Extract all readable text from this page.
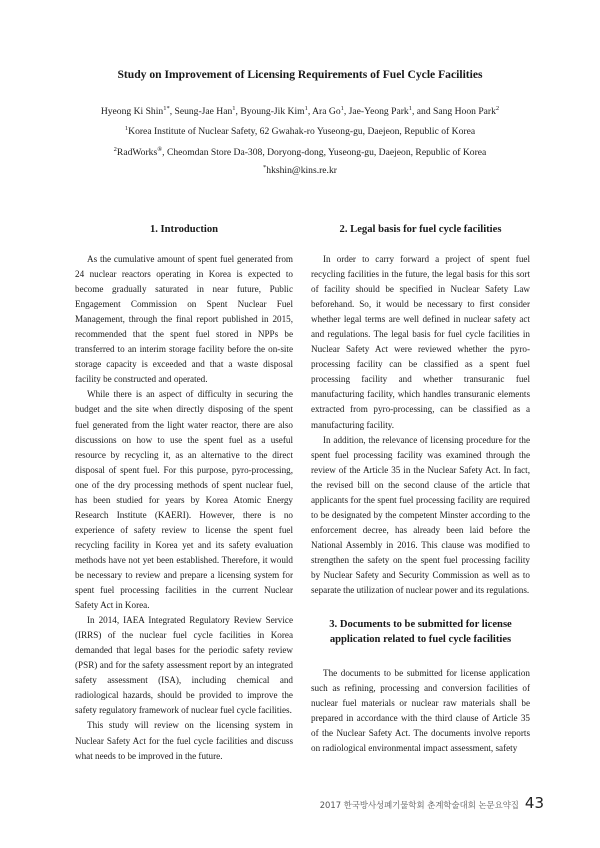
Study on Improvement of Licensing Requirements of Fuel Cycle Facilities
Hyeong Ki Shin$^{1*}$, Seung-Jae Han$^1$, Byoung-Jik Kim$^1$, Ara Go$^1$, Jae-Yeong Park$^1$, and Sang Hoon Park$^2$
$^1$Korea Institute of Nuclear Safety, 62 Gwahak-ro Yuseong-gu, Daejeon, Republic of Korea
$^2$RadWorks®, Cheomdan Store Da-308, Doryong-dong, Yuseong-gu, Daejeon, Republic of Korea
*hkshin@kins.re.kr
1. Introduction

As the cumulative amount of spent fuel generated from 24 nuclear reactors operating in Korea is expected to become gradually saturated in near future, Public Engagement Commission on Spent Nuclear Fuel Management, through the final report published in 2015, recommended that the spent fuel stored in NPPs be transferred to an interim storage facility before the on-site storage capacity is exceeded and that a waste disposal facility be constructed and operated.

While there is an aspect of difficulty in securing the budget and the site when directly disposing of the spent fuel generated from the light water reactor, there are also discussions on how to use the spent fuel as a useful resource by recycling it, as an alternative to the direct disposal of spent fuel. For this purpose, pyro-processing, one of the dry processing methods of spent nuclear fuel, has been studied for years by Korea Atomic Energy Research Institute (KAERI). However, there is no experience of safety review to license the spent fuel recycling facility in Korea yet and its safety evaluation methods have not yet been established. Therefore, it would be necessary to review and prepare a licensing system for spent fuel processing facilities in the current Nuclear Safety Act in Korea.

In 2014, IAEA Integrated Regulatory Review Service (IRRS) of the nuclear fuel cycle facilities in Korea demanded that legal bases for the periodic safety review (PSR) and for the safety assessment report by an integrated safety assessment (ISA), including chemical and radiological hazards, should be provided to improve the safety regulatory framework of nuclear fuel cycle facilities.

This study will review on the licensing system in Nuclear Safety Act for the fuel cycle facilities and discuss what needs to be improved in the future.

2. Legal basis for fuel cycle facilities

In order to carry forward a project of spent fuel recycling facilities in the future, the legal basis for this sort of facility should be specified in Nuclear Safety Law beforehand. So, it would be necessary to first consider whether legal terms are well defined in nuclear safety act and regulations. The legal basis for fuel cycle facilities in Nuclear Safety Act were reviewed whether the pyro-processing facility can be classified as a spent fuel processing facility and whether transuranic fuel manufacturing facility, which handles transuranic elements extracted from pyro-processing, can be classified as a manufacturing facility.

In addition, the relevance of licensing procedure for the spent fuel processing facility was examined through the review of the Article 35 in the Nuclear Safety Act. In fact, the revised bill on the second clause of the article that applicants for the spent fuel processing facility are required to be designated by the competent Minster according to the enforcement decree, has already been laid before the National Assembly in 2016. This clause was modified to strengthen the safety on the spent fuel processing facility by Nuclear Safety and Security Commission as well as to separate the utilization of nuclear power and its regulations.

3. Documents to be submitted for license
application related to fuel cycle facilities

The documents to be submitted for license application such as refining, processing and conversion facilities of nuclear fuel materials or nuclear raw materials shall be prepared in accordance with the third clause of Article 35 of the Nuclear Safety Act. The documents involve reports on radiological environmental impact assessment, safety

2017 한국방사성폐기물학회 춘계학술대회 논문요약집 43
